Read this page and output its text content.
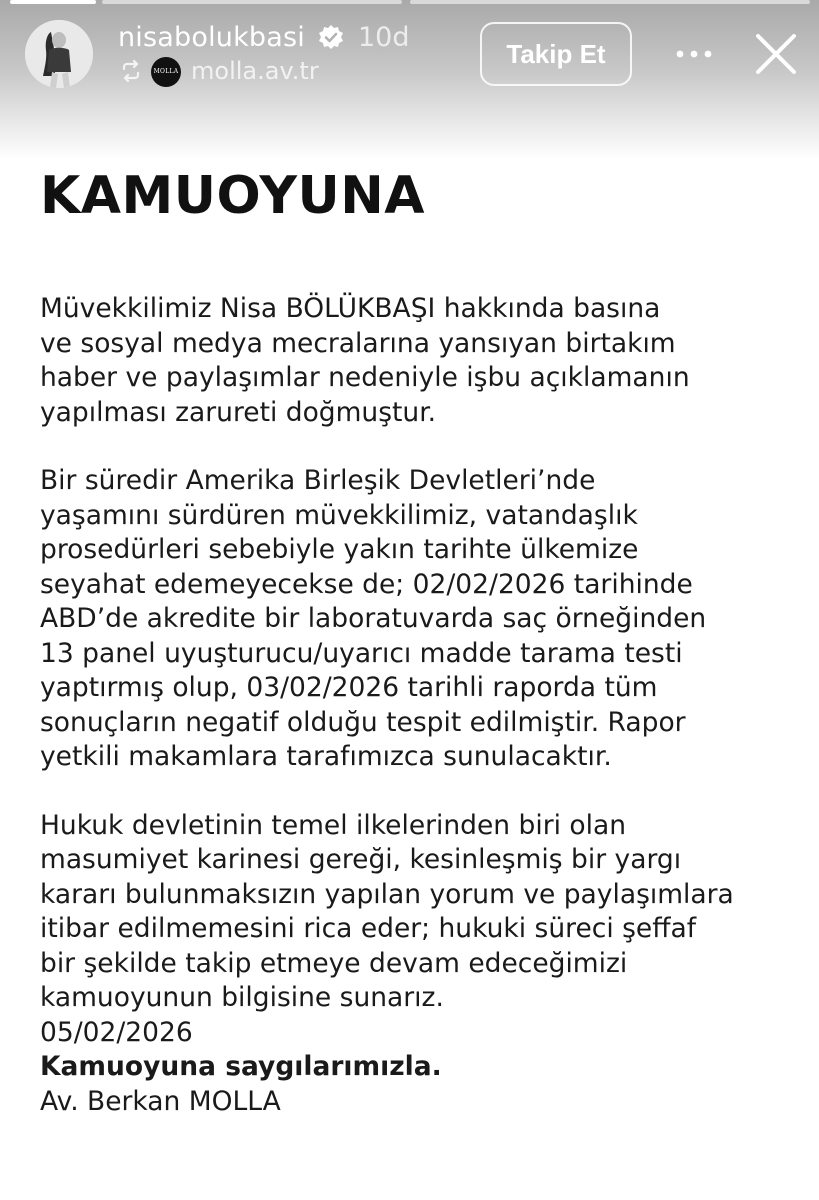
nisabolukbasi 10d
MOLLA molla.av.tr
Takip Et
KAMUOYUNA

Müvekkilimiz Nisa BÖLÜKBAŞI hakkında basına
ve sosyal medya mecralarına yansıyan birtakım
haber ve paylaşımlar nedeniyle işbu açıklamanın
yapılması zarureti doğmuştur.

Bir süredir Amerika Birleşik Devletleri’nde
yaşamını sürdüren müvekkilimiz, vatandaşlık
prosedürleri sebebiyle yakın tarihte ülkemize
seyahat edemeyecekse de; 02/02/2026 tarihinde
ABD’de akredite bir laboratuvarda saç örneğinden
13 panel uyuşturucu/uyarıcı madde tarama testi
yaptırmış olup, 03/02/2026 tarihli raporda tüm
sonuçların negatif olduğu tespit edilmiştir. Rapor
yetkili makamlara tarafımızca sunulacaktır.

Hukuk devletinin temel ilkelerinden biri olan
masumiyet karinesi gereği, kesinleşmiş bir yargı
kararı bulunmaksızın yapılan yorum ve paylaşımlara
itibar edilmemesini rica eder; hukuki süreci şeffaf
bir şekilde takip etmeye devam edeceğimizi
kamuoyunun bilgisine sunarız.

05/02/2026

Kamuoyuna saygılarımızla.

Av. Berkan MOLLA
